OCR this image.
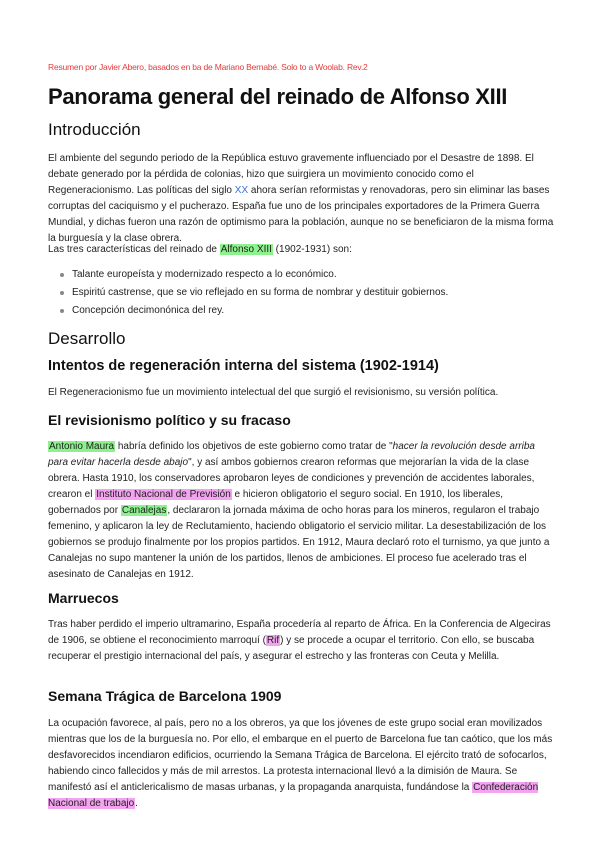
Resumen por Javier Abero, basados en ba de Mariano Bernabé. Solo to a Woolab. Rev.2
Panorama general del reinado de Alfonso XIII
Introducción

El ambiente del segundo periodo de la República estuvo gravemente influenciado por el Desastre de 1898. El debate generado por la pérdida de colonias, hizo que suirgiera un movimiento conocido como el Regeneracionismo. Las políticas del siglo XX ahora serían reformistas y renovadoras, pero sin eliminar las bases corruptas del caciquismo y el pucherazo. España fue uno de los principales exportadores de la Primera Guerra Mundial, y dichas fueron una razón de optimismo para la población, aunque no se beneficiaron de la misma forma la burguesía y la clase obrera.

Las tres características del reinado de Alfonso XIII (1902-1931) son:

Talante europeísta y modernizado respecto a lo económico.
Espiritú castrense, que se vio reflejado en su forma de nombrar y destituir gobiernos.
Concepción decimonónica del rey.
Desarrollo
Intentos de regeneración interna del sistema (1902-1914)

El Regeneracionismo fue un movimiento intelectual del que surgió el revisionismo, su versión política.

El revisionismo político y su fracaso

Antonio Maura habría definido los objetivos de este gobierno como tratar de "hacer la revolución desde arriba para evitar hacerla desde abajo", y así ambos gobiernos crearon reformas que mejorarían la vida de la clase obrera. Hasta 1910, los conservadores aprobaron leyes de condiciones y prevención de accidentes laborales, crearon el Instituto Nacional de Previsión e hicieron obligatorio el seguro social. En 1910, los liberales, gobernados por Canalejas, declararon la jornada máxima de ocho horas para los mineros, regularon el trabajo femenino, y aplicaron la ley de Reclutamiento, haciendo obligatorio el servicio militar. La desestabilización de los gobiernos se produjo finalmente por los propios partidos. En 1912, Maura declaró roto el turnismo, ya que junto a Canalejas no supo mantener la unión de los partidos, llenos de ambiciones. El proceso fue acelerado tras el asesinato de Canalejas en 1912.

Marruecos

Tras haber perdido el imperio ultramarino, España procedería al reparto de África. En la Conferencia de Algeciras de 1906, se obtiene el reconocimiento marroquí (Rif) y se procede a ocupar el territorio. Con ello, se buscaba recuperar el prestigio internacional del país, y asegurar el estrecho y las fronteras con Ceuta y Melilla.

Semana Trágica de Barcelona 1909

La ocupación favorece, al país, pero no a los obreros, ya que los jóvenes de este grupo social eran movilizados mientras que los de la burguesía no. Por ello, el embarque en el puerto de Barcelona fue tan caótico, que los más desfavorecidos incendiaron edificios, ocurriendo la Semana Trágica de Barcelona. El ejército trató de sofocarlos, habiendo cinco fallecidos y más de mil arrestos. La protesta internacional llevó a la dimisión de Maura. Se manifestó así el anticlericalismo de masas urbanas, y la propaganda anarquista, fundándose la Confederación Nacional de trabajo.
